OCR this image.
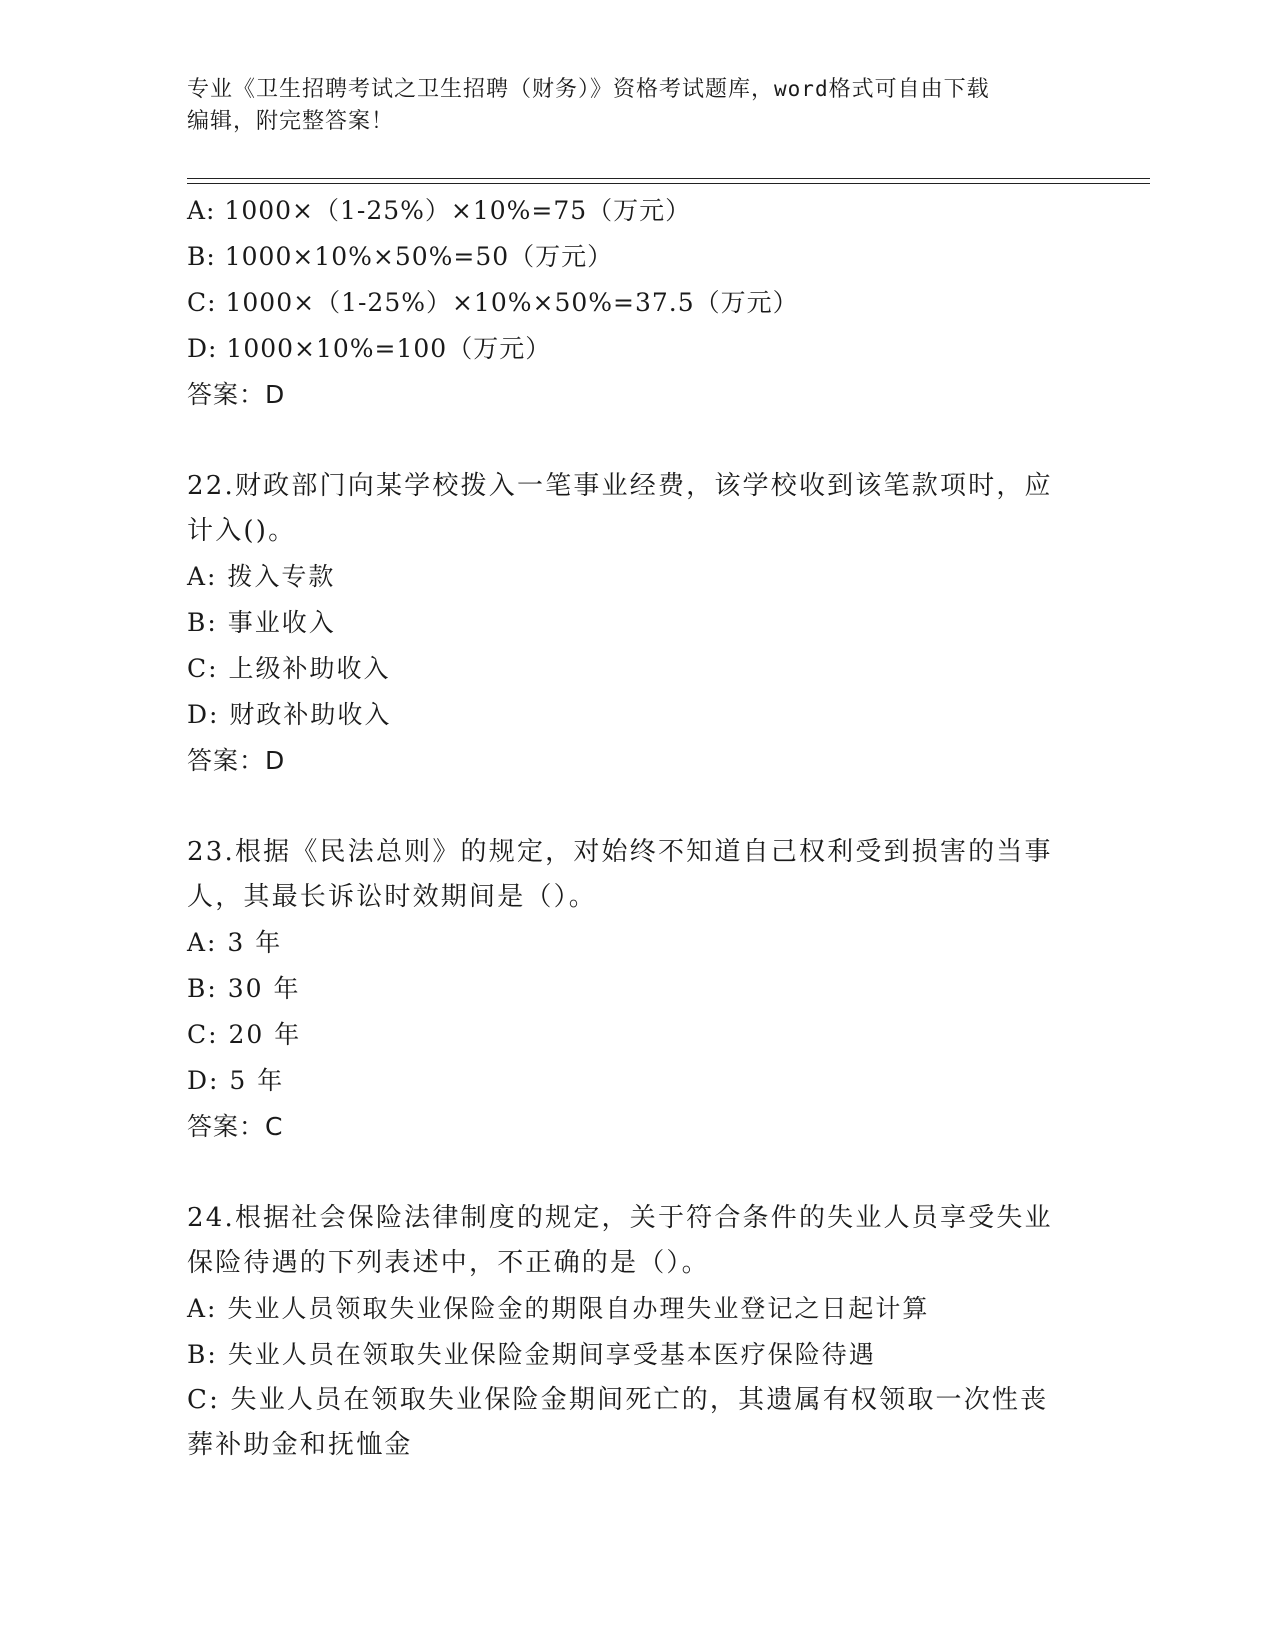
专业《卫生招聘考试之卫生招聘（财务）》资格考试题库，word格式可自由下载
编辑，附完整答案！
A: 1000×（1-25%）×10%=75（万元）
B: 1000×10%×50%=50（万元）
C: 1000×（1-25%）×10%×50%=37.5（万元）
D: 1000×10%=100（万元）
答案：D
22.财政部门向某学校拨入一笔事业经费，该学校收到该笔款项时，应计入()。
A: 拨入专款
B: 事业收入
C: 上级补助收入
D: 财政补助收入
答案：D
23.根据《民法总则》的规定，对始终不知道自己权利受到损害的当事人，其最长诉讼时效期间是（）。
A: 3 年
B: 30 年
C: 20 年
D: 5 年
答案：C
24.根据社会保险法律制度的规定，关于符合条件的失业人员享受失业保险待遇的下列表述中，不正确的是（）。
A: 失业人员领取失业保险金的期限自办理失业登记之日起计算
B: 失业人员在领取失业保险金期间享受基本医疗保险待遇
C: 失业人员在领取失业保险金期间死亡的，其遗属有权领取一次性丧葬补助金和抚恤金
